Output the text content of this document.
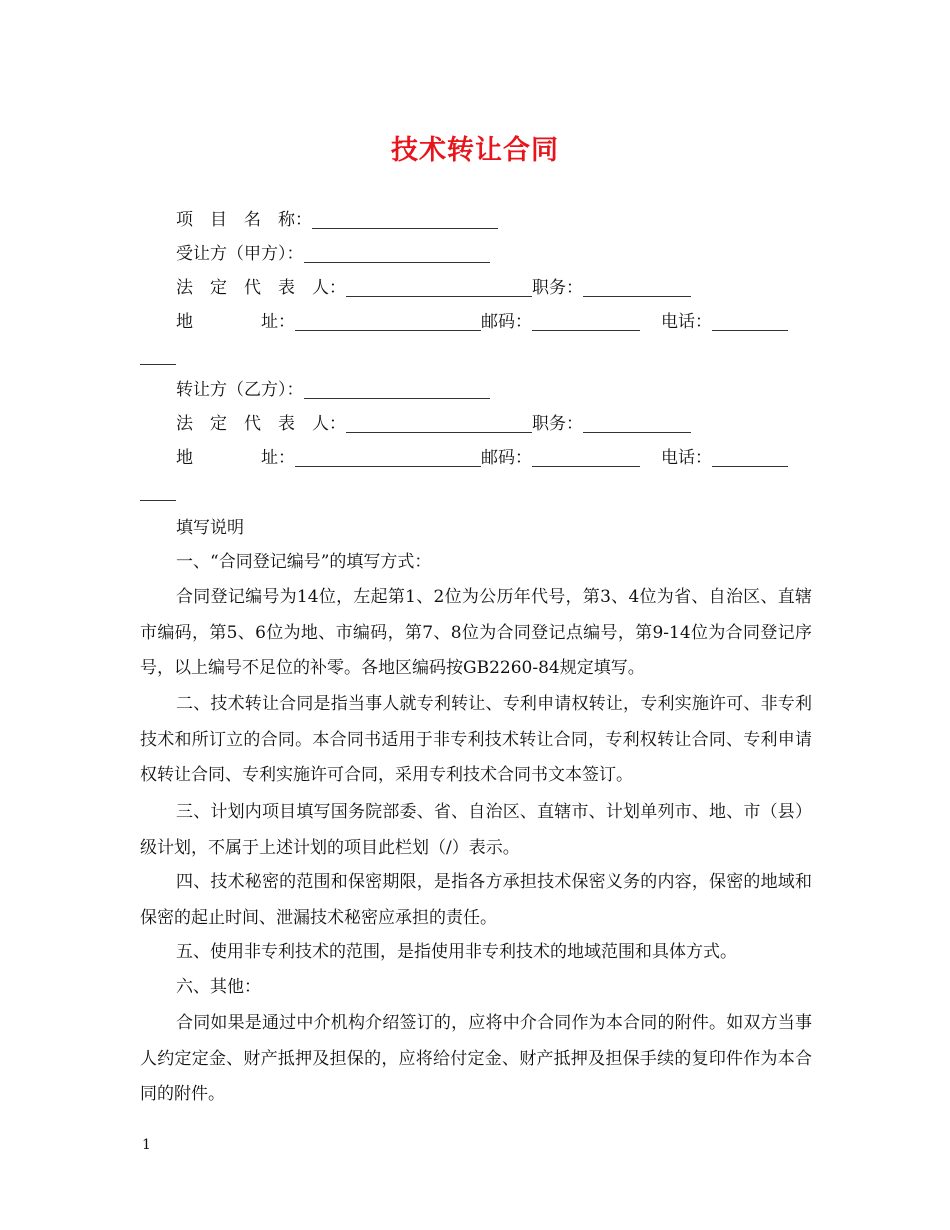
技术转让合同
项　目　名　称：
受让方（甲方）：
法　定　代　表　人：	职务：
地　　　　址：	邮码：	电话：
转让方（乙方）：
法　定　代　表　人：	职务：
地　　　　址：	邮码：	电话：
填写说明
一、“合同登记编号”的填写方式：
合同登记编号为14位，左起第1、2位为公历年代号，第3、4位为省、自治区、直辖市编码，第5、6位为地、市编码，第7、8位为合同登记点编号，第9-14位为合同登记序号，以上编号不足位的补零。各地区编码按GB2260-84规定填写。
二、技术转让合同是指当事人就专利转让、专利申请权转让，专利实施许可、非专利技术和所订立的合同。本合同书适用于非专利技术转让合同，专利权转让合同、专利申请权转让合同、专利实施许可合同，采用专利技术合同书文本签订。
三、计划内项目填写国务院部委、省、自治区、直辖市、计划单列市、地、市（县）级计划，不属于上述计划的项目此栏划（/）表示。
四、技术秘密的范围和保密期限，是指各方承担技术保密义务的内容，保密的地域和保密的起止时间、泄漏技术秘密应承担的责任。
五、使用非专利技术的范围，是指使用非专利技术的地域范围和具体方式。
六、其他：
合同如果是通过中介机构介绍签订的，应将中介合同作为本合同的附件。如双方当事人约定定金、财产抵押及担保的，应将给付定金、财产抵押及担保手续的复印件作为本合同的附件。
1
